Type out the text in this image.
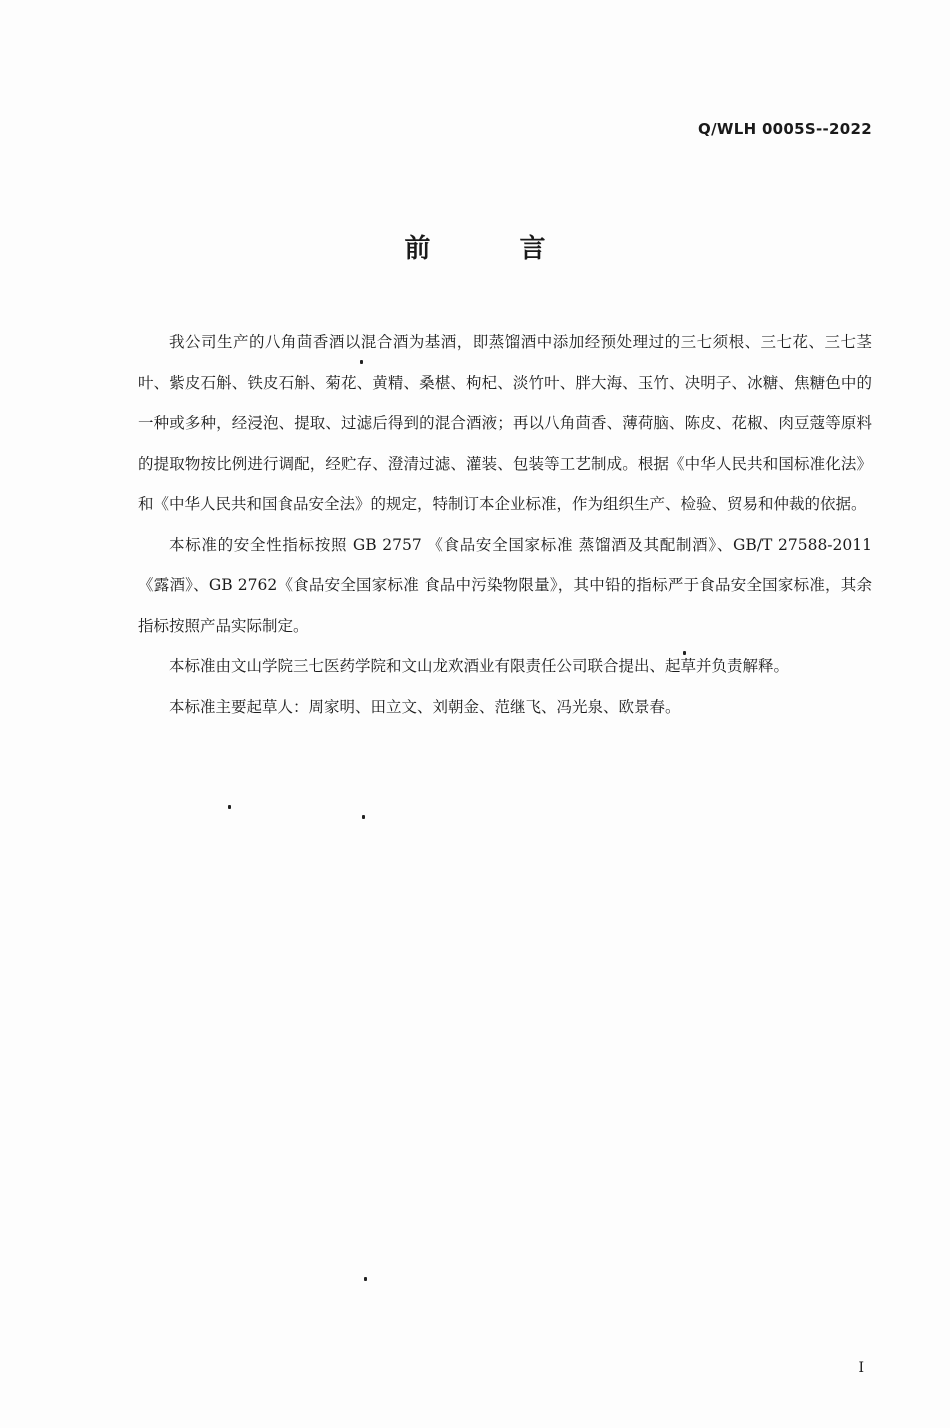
Q/WLH 0005S--2022
前 言

我公司生产的八角茴香酒以混合酒为基酒，即蒸馏酒中添加经预处理过的三七须根、三七花、三七茎叶、紫皮石斛、铁皮石斛、菊花、黄精、桑椹、枸杞、淡竹叶、胖大海、玉竹、决明子、冰糖、焦糖色中的一种或多种，经浸泡、提取、过滤后得到的混合酒液；再以八角茴香、薄荷脑、陈皮、花椒、肉豆蔻等原料的提取物按比例进行调配，经贮存、澄清过滤、灌装、包装等工艺制成。根据《中华人民共和国标准化法》和《中华人民共和国食品安全法》的规定，特制订本企业标准，作为组织生产、检验、贸易和仲裁的依据。

本标准的安全性指标按照 GB 2757 《食品安全国家标准 蒸馏酒及其配制酒》、GB/T 27588-2011《露酒》、GB 2762《食品安全国家标准 食品中污染物限量》，其中铅的指标严于食品安全国家标准，其余指标按照产品实际制定。

本标准由文山学院三七医药学院和文山龙欢酒业有限责任公司联合提出、起草并负责解释。

本标准主要起草人：周家明、田立文、刘朝金、范继飞、冯光泉、欧景春。

I
